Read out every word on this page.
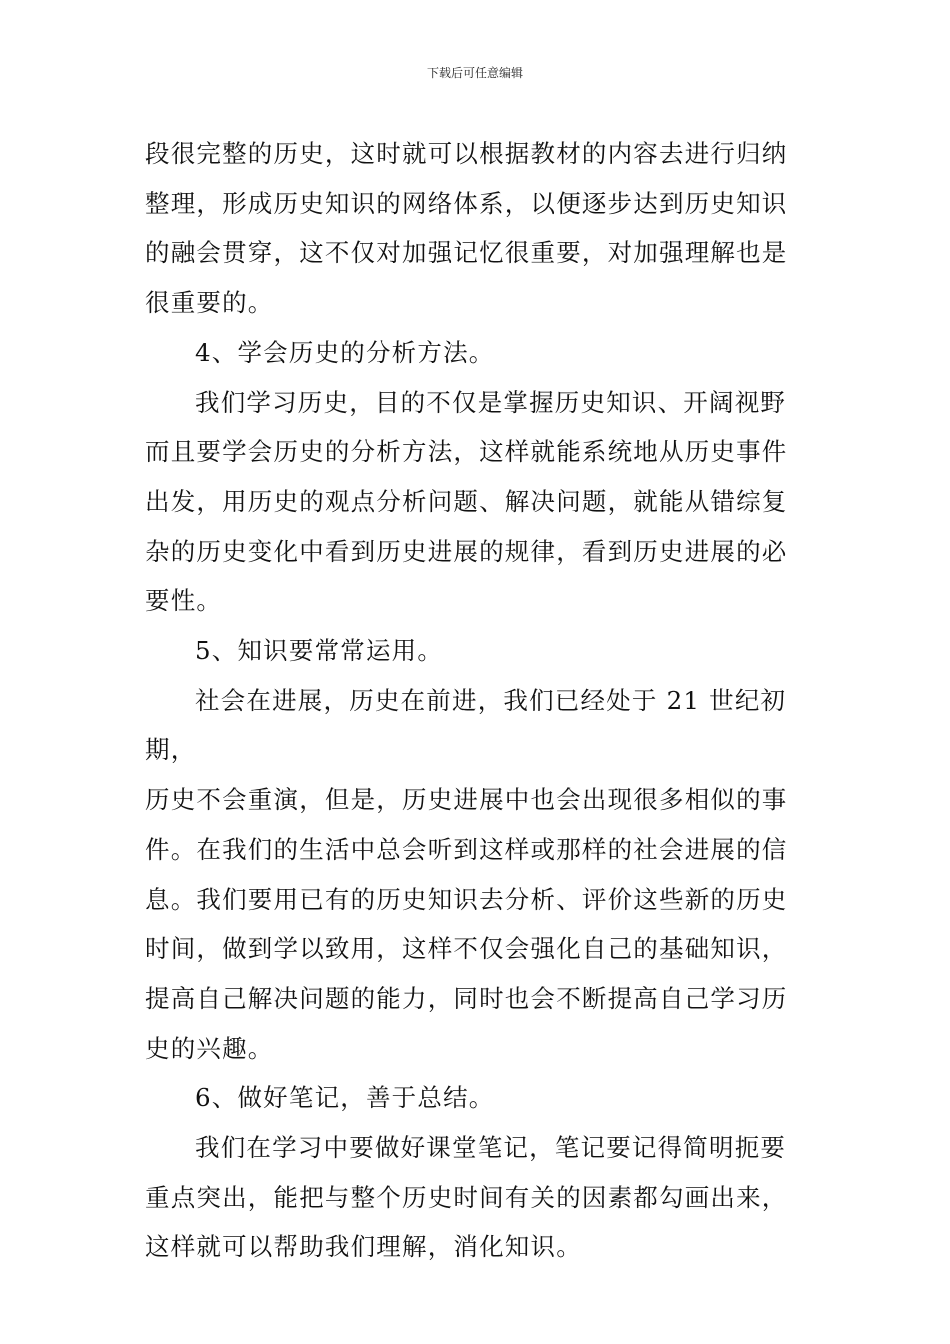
下载后可任意编辑

段很完整的历史，这时就可以根据教材的内容去进行归纳
整理，形成历史知识的网络体系，以便逐步达到历史知识
的融会贯穿，这不仅对加强记忆很重要，对加强理解也是
很重要的。

4、学会历史的分析方法。

我们学习历史，目的不仅是掌握历史知识、开阔视野
而且要学会历史的分析方法，这样就能系统地从历史事件
出发，用历史的观点分析问题、解决问题，就能从错综复
杂的历史变化中看到历史进展的规律，看到历史进展的必
要性。

5、知识要常常运用。

社会在进展，历史在前进，我们已经处于 21 世纪初期，
历史不会重演，但是，历史进展中也会出现很多相似的事
件。在我们的生活中总会听到这样或那样的社会进展的信
息。我们要用已有的历史知识去分析、评价这些新的历史
时间，做到学以致用，这样不仅会强化自己的基础知识，
提高自己解决问题的能力，同时也会不断提高自己学习历
史的兴趣。

6、做好笔记，善于总结。

我们在学习中要做好课堂笔记，笔记要记得简明扼要
重点突出，能把与整个历史时间有关的因素都勾画出来，
这样就可以帮助我们理解，消化知识。
